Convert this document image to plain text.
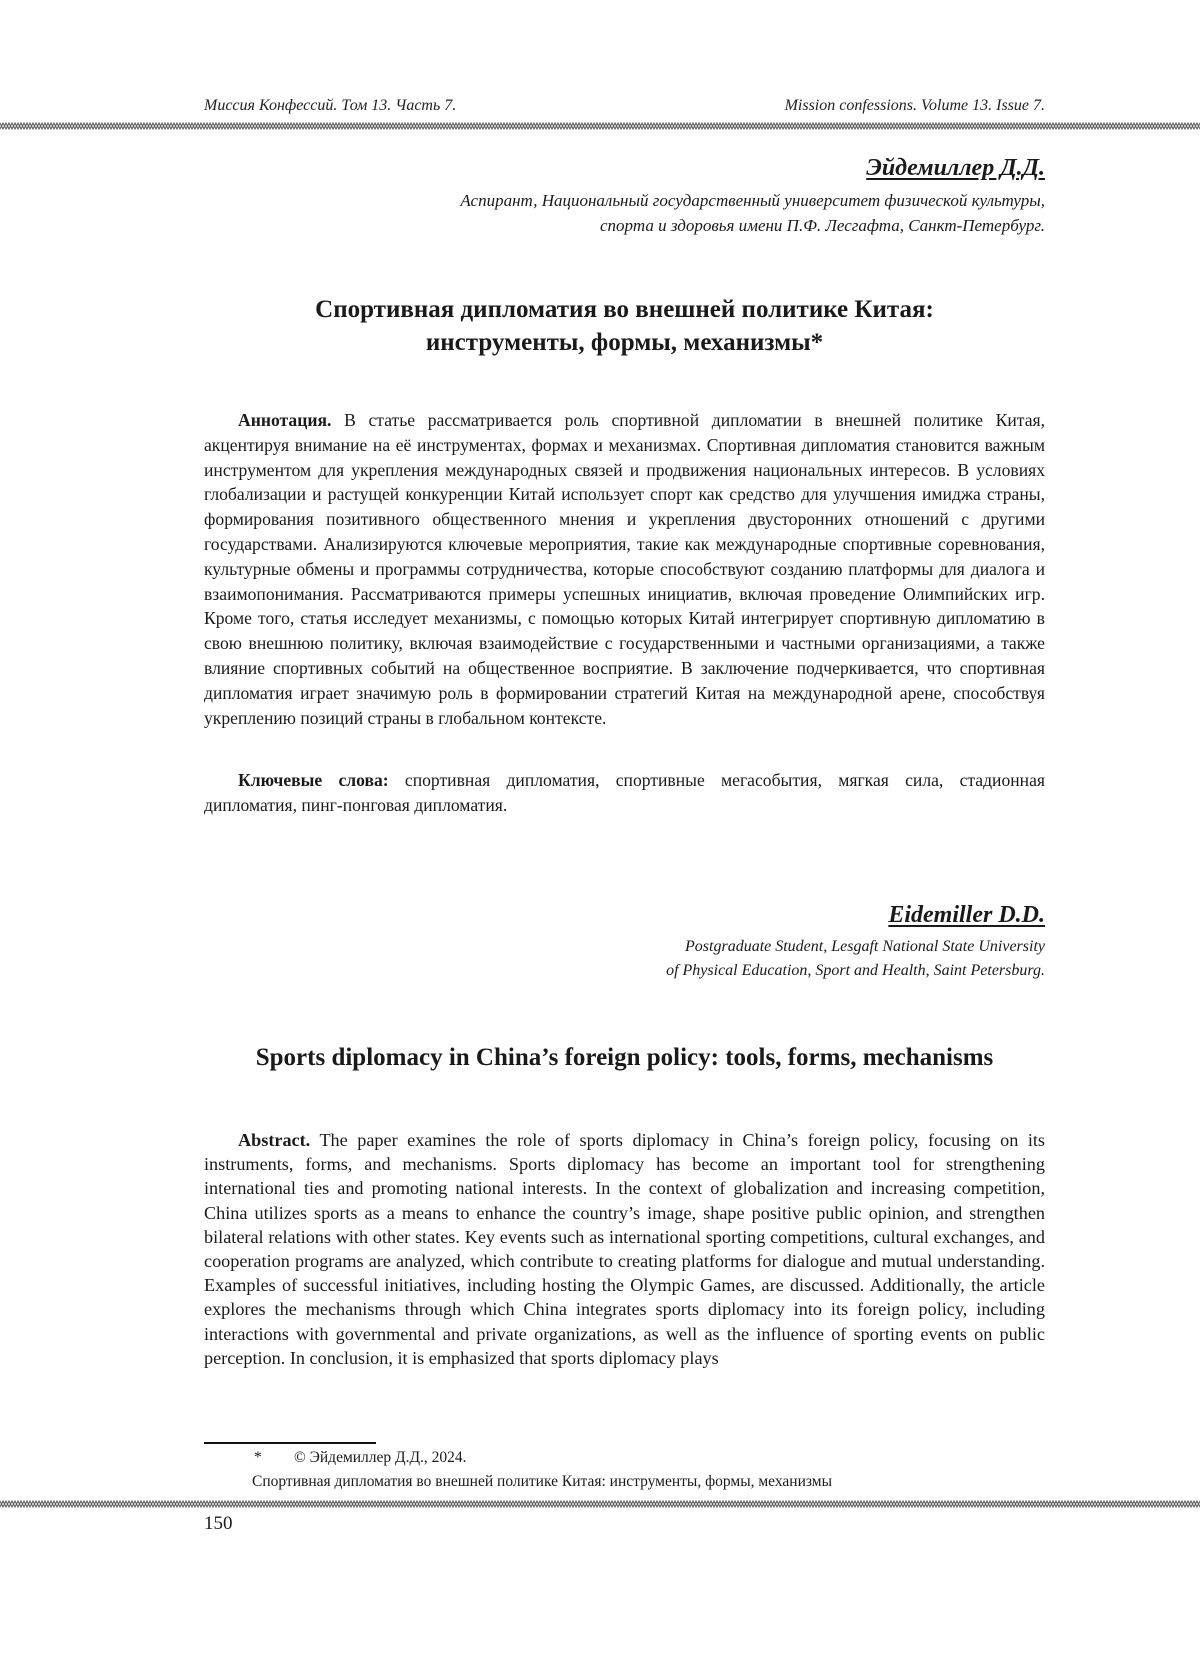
Миссия Конфессий. Том 13. Часть 7.	Mission confessions. Volume 13. Issue 7.
Эйдемиллер Д.Д.
Аспирант, Национальный государственный университет физической культуры,
спорта и здоровья имени П.Ф. Лесгафта, Санкт-Петербург.
Спортивная дипломатия во внешней политике Китая:
инструменты, формы, механизмы*
Аннотация. В статье рассматривается роль спортивной дипломатии в внешней политике Китая, акцентируя внимание на её инструментах, формах и механизмах. Спортивная дипломатия становится важным инструментом для укрепления международных связей и продвижения национальных интересов. В условиях глобализации и растущей конкуренции Китай использует спорт как средство для улучшения имиджа страны, формирования позитивного общественного мнения и укрепления двусторонних отношений с другими государствами. Анализируются ключевые мероприятия, такие как международные спортивные соревнования, культурные обмены и программы сотрудничества, которые способствуют созданию платформы для диалога и взаимопонимания. Рассматриваются примеры успешных инициатив, включая проведение Олимпийских игр. Кроме того, статья исследует механизмы, с помощью которых Китай интегрирует спортивную дипломатию в свою внешнюю политику, включая взаимодействие с государственными и частными организациями, а также влияние спортивных событий на общественное восприятие. В заключение подчеркивается, что спортивная дипломатия играет значимую роль в формировании стратегий Китая на международной арене, способствуя укреплению позиций страны в глобальном контексте.
Ключевые слова: спортивная дипломатия, спортивные мегасобытия, мягкая сила, стадионная дипломатия, пинг-понговая дипломатия.
Eidemiller D.D.
Postgraduate Student, Lesgaft National State University
of Physical Education, Sport and Health, Saint Petersburg.
Sports diplomacy in China’s foreign policy: tools, forms, mechanisms
Abstract. The paper examines the role of sports diplomacy in China’s foreign policy, focusing on its instruments, forms, and mechanisms. Sports diplomacy has become an important tool for strengthening international ties and promoting national interests. In the context of globalization and increasing competition, China utilizes sports as a means to enhance the country’s image, shape positive public opinion, and strengthen bilateral relations with other states. Key events such as international sporting competitions, cultural exchanges, and cooperation programs are analyzed, which contribute to creating platforms for dialogue and mutual understanding. Examples of successful initiatives, including hosting the Olympic Games, are discussed. Additionally, the article explores the mechanisms through which China integrates sports diplomacy into its foreign policy, including interactions with governmental and private organizations, as well as the influence of sporting events on public perception. In conclusion, it is emphasized that sports diplomacy plays
* © Эйдемиллер Д.Д., 2024.
Спортивная дипломатия во внешней политике Китая: инструменты, формы, механизмы
150
